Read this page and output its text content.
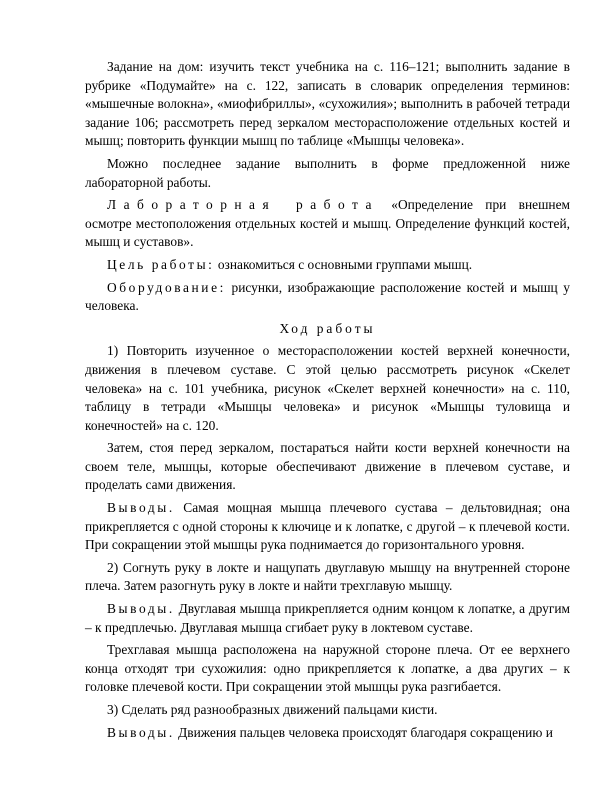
Задание на дом: изучить текст учебника на с. 116–121; выполнить задание в рубрике «Подумайте» на с. 122, записать в словарик определения терминов: «мышечные волокна», «миофибриллы», «сухожилия»; выполнить в рабочей тетради задание 106; рассмотреть перед зеркалом месторасположение отдельных костей и мышц; повторить функции мышц по таблице «Мышцы человека».

Можно последнее задание выполнить в форме предложенной ниже лабораторной работы.

Лабораторная работа «Определение при внешнем осмотре местоположения отдельных костей и мышц. Определение функций костей, мышц и суставов».

Цель работы: ознакомиться с основными группами мышц.

Оборудование: рисунки, изображающие расположение костей и мышц у человека.

Ход работы

1) Повторить изученное о месторасположении костей верхней конечности, движения в плечевом суставе. С этой целью рассмотреть рисунок «Скелет человека» на с. 101 учебника, рисунок «Скелет верхней конечности» на с. 110, таблицу в тетради «Мышцы человека» и рисунок «Мышцы туловища и конечностей» на с. 120.

Затем, стоя перед зеркалом, постараться найти кости верхней конечности на своем теле, мышцы, которые обеспечивают движение в плечевом суставе, и проделать сами движения.

Выводы. Самая мощная мышца плечевого сустава – дельтовидная; она прикрепляется с одной стороны к ключице и к лопатке, с другой – к плечевой кости. При сокращении этой мышцы рука поднимается до горизонтального уровня.

2) Согнуть руку в локте и нащупать двуглавую мышцу на внутренней стороне плеча. Затем разогнуть руку в локте и найти трехглавую мышцу.

Выводы. Двуглавая мышца прикрепляется одним концом к лопатке, а другим – к предплечью. Двуглавая мышца сгибает руку в локтевом суставе.

Трехглавая мышца расположена на наружной стороне плеча. От ее верхнего конца отходят три сухожилия: одно прикрепляется к лопатке, а два других – к головке плечевой кости. При сокращении этой мышцы рука разгибается.

3) Сделать ряд разнообразных движений пальцами кисти.

Выводы. Движения пальцев человека происходят благодаря сокращению и
